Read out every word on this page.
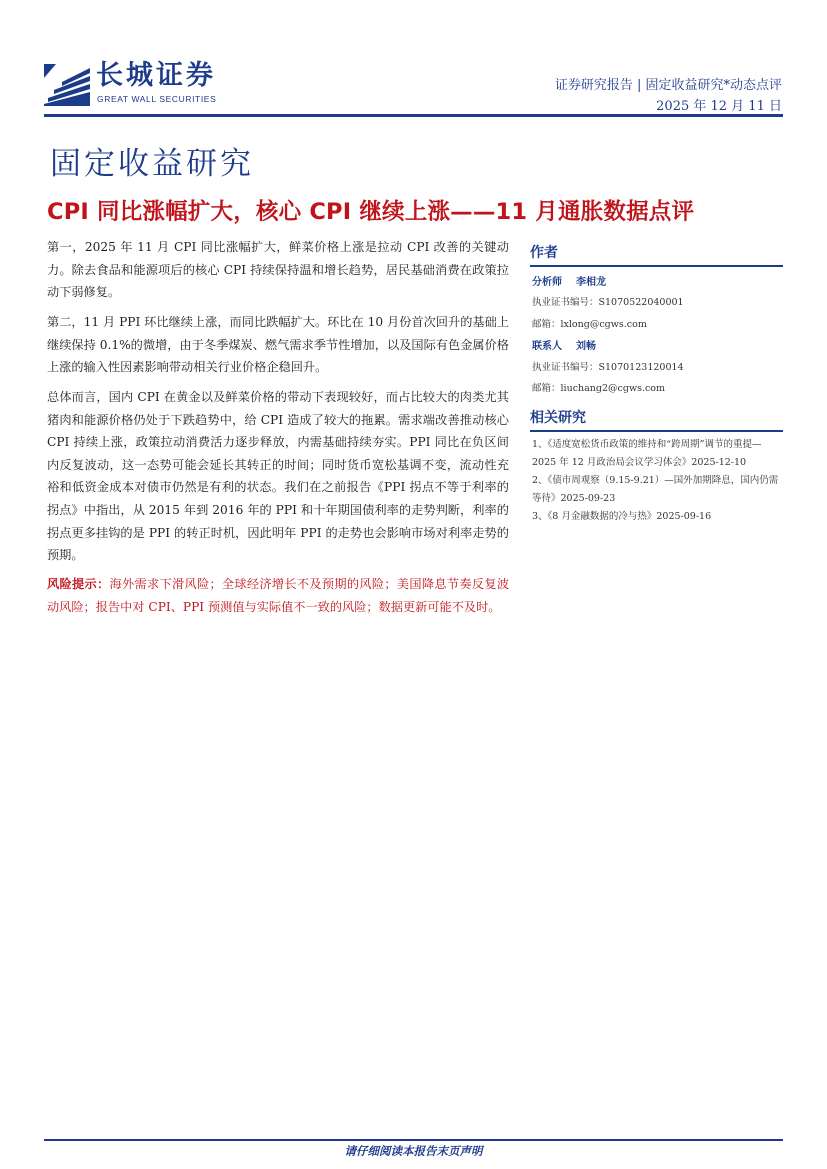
长城证券
GREAT WALL SECURITIES
证券研究报告 | 固定收益研究*动态点评
2025 年 12 月 11 日
固定收益研究
CPI 同比涨幅扩大，核心 CPI 继续上涨——11 月通胀数据点评

第一，2025 年 11 月 CPI 同比涨幅扩大，鲜菜价格上涨是拉动 CPI 改善的关键动力。除去食品和能源项后的核心 CPI 持续保持温和增长趋势，居民基础消费在政策拉动下弱修复。

第二，11 月 PPI 环比继续上涨，而同比跌幅扩大。环比在 10 月份首次回升的基础上继续保持 0.1%的微增，由于冬季煤炭、燃气需求季节性增加，以及国际有色金属价格上涨的输入性因素影响带动相关行业价格企稳回升。

总体而言，国内 CPI 在黄金以及鲜菜价格的带动下表现较好，而占比较大的肉类尤其猪肉和能源价格仍处于下跌趋势中，给 CPI 造成了较大的拖累。需求端改善推动核心 CPI 持续上涨，政策拉动消费活力逐步释放，内需基础持续夯实。PPI 同比在负区间内反复波动，这一态势可能会延长其转正的时间；同时货币宽松基调不变，流动性充裕和低资金成本对债市仍然是有利的状态。我们在之前报告《PPI 拐点不等于利率的拐点》中指出，从 2015 年到 2016 年的 PPI 和十年期国债利率的走势判断，利率的拐点更多挂钩的是 PPI 的转正时机，因此明年 PPI 的走势也会影响市场对利率走势的预期。

风险提示：海外需求下滑风险；全球经济增长不及预期的风险；美国降息节奏反复波动风险；报告中对 CPI、PPI 预测值与实际值不一致的风险；数据更新可能不及时。

作者
分析师 李相龙
执业证书编号：S1070522040001
邮箱：lxlong@cgws.com
联系人 刘畅
执业证书编号：S1070123120014
邮箱：liuchang2@cgws.com
相关研究
1、《适度宽松货币政策的维持和“跨周期”调节的重提—2025 年 12 月政治局会议学习体会》2025-12-10
2、《债市周观察（9.15-9.21）—国外加期降息，国内仍需等待》2025-09-23
3、《8 月金融数据的冷与热》2025-09-16
请仔细阅读本报告末页声明
